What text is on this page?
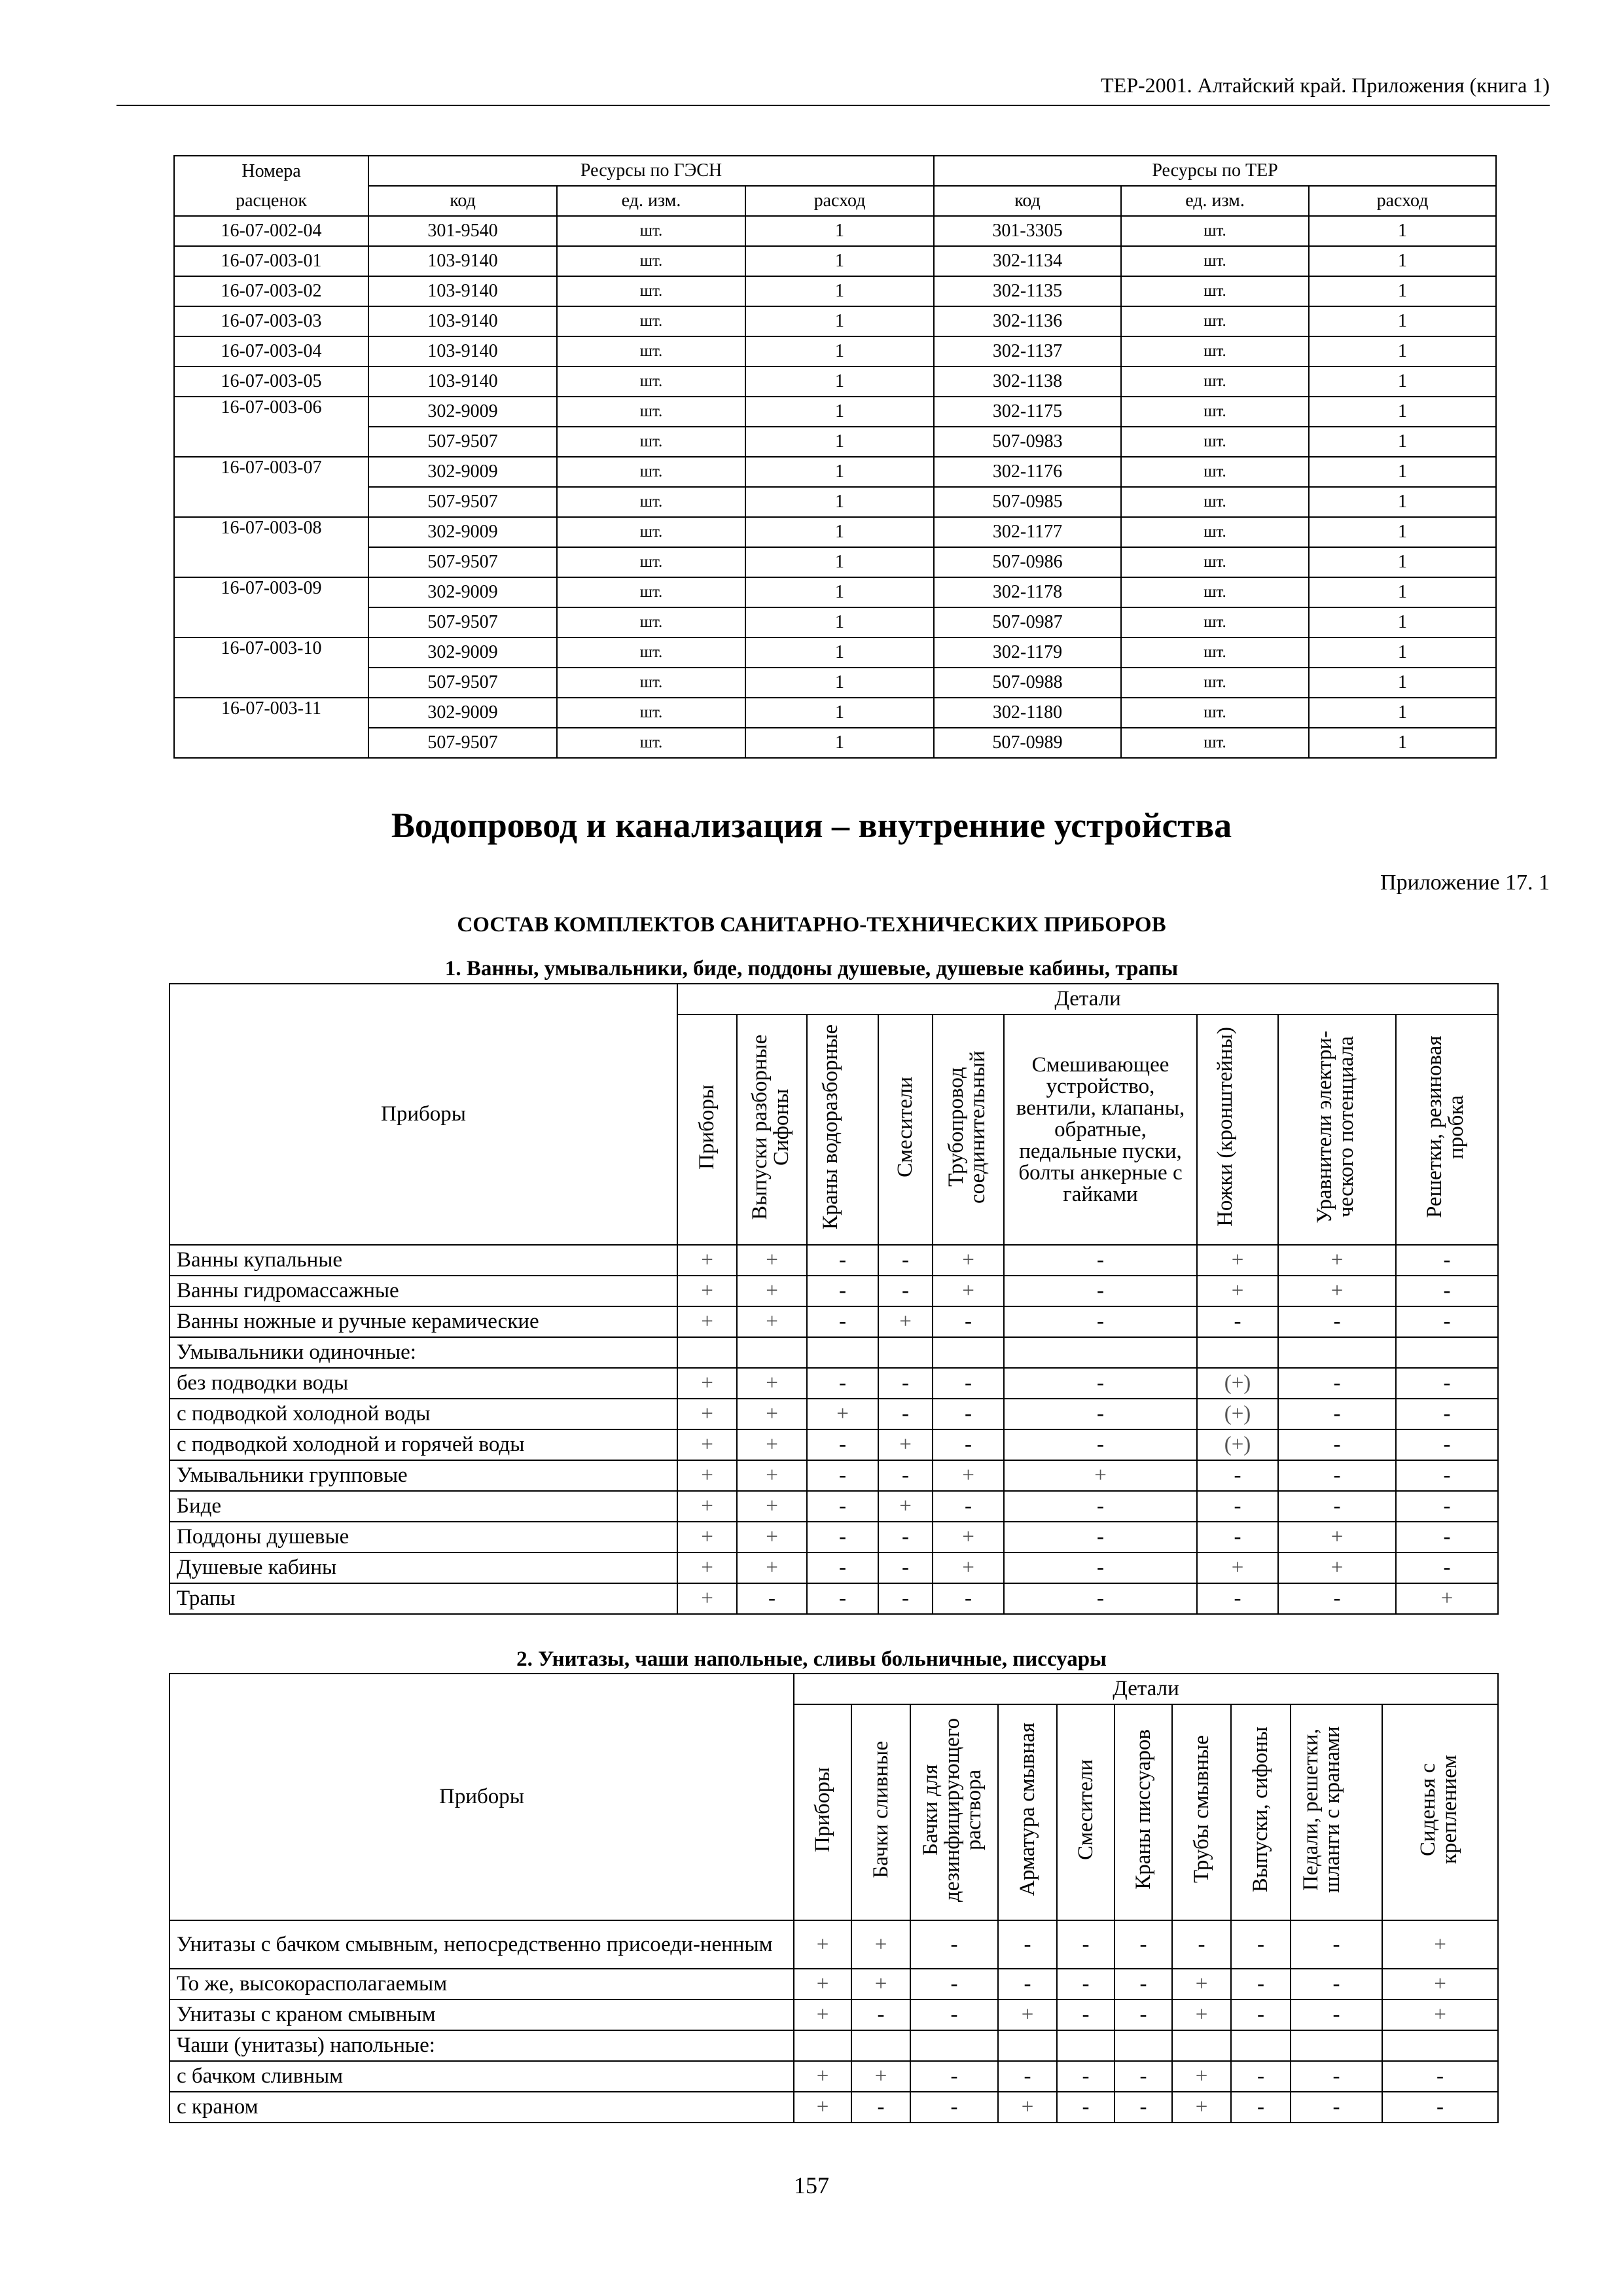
ТЕР-2001. Алтайский край. Приложения (книга 1)
Номера	Ресурсы по ГЭСН			Ресурсы по ТЕР		
расценок	код	ед. изм.	расход	код	ед. изм.	расход
16-07-002-04	301-9540	шт.	1	301-3305	шт.	1
16-07-003-01	103-9140	шт.	1	302-1134	шт.	1
16-07-003-02	103-9140	шт.	1	302-1135	шт.	1
16-07-003-03	103-9140	шт.	1	302-1136	шт.	1
16-07-003-04	103-9140	шт.	1	302-1137	шт.	1
16-07-003-05	103-9140	шт.	1	302-1138	шт.	1
16-07-003-06	302-9009	шт.	1	302-1175	шт.	1
	507-9507	шт.	1	507-0983	шт.	1
16-07-003-07	302-9009	шт.	1	302-1176	шт.	1
	507-9507	шт.	1	507-0985	шт.	1
16-07-003-08	302-9009	шт.	1	302-1177	шт.	1
	507-9507	шт.	1	507-0986	шт.	1
16-07-003-09	302-9009	шт.	1	302-1178	шт.	1
	507-9507	шт.	1	507-0987	шт.	1
16-07-003-10	302-9009	шт.	1	302-1179	шт.	1
	507-9507	шт.	1	507-0988	шт.	1
16-07-003-11	302-9009	шт.	1	302-1180	шт.	1
	507-9507	шт.	1	507-0989	шт.	1
Водопровод и канализация – внутренние устройства
Приложение 17. 1
СОСТАВ КОМПЛЕКТОВ САНИТАРНО-ТЕХНИЧЕСКИХ ПРИБОРОВ
1. Ванны, умывальники, биде, поддоны душевые, душевые кабины, трапы
Приборы	Детали								
	Приборы	Выпуски разборные Сифоны	Краны водоразборные	Смесители	Трубопровод соединительный	Смешивающее устройство, вентили, клапаны, обратные, педальные пуски, болты анкерные с гайками	Ножки (кронштейны)	Уравнители электри-ческого потенциала	Решетки, резиновая пробка
Ванны купальные	+	+	-	-	+	-	+	+	-
Ванны гидромассажные	+	+	-	-	+	-	+	+	-
Ванны ножные и ручные керамические	+	+	-	+	-	-	-	-	-
Умывальники одиночные:									
без подводки воды	+	+	-	-	-	-	(+)	-	-
с подводкой холодной воды	+	+	+	-	-	-	(+)	-	-
с подводкой холодной и горячей воды	+	+	-	+	-	-	(+)	-	-
Умывальники групповые	+	+	-	-	+	+	-	-	-
Биде	+	+	-	+	-	-	-	-	-
Поддоны душевые	+	+	-	-	+	-	-	+	-
Душевые кабины	+	+	-	-	+	-	+	+	-
Трапы	+	-	-	-	-	-	-	-	+
2. Унитазы, чаши напольные, сливы больничные, писсуары
Приборы	Детали									
	Приборы	Бачки сливные	Бачки для дезинфицирующего раствора	Арматура смывная	Смесители	Краны писсуаров	Трубы смывные	Выпуски, сифоны	Педали, решетки, шланги с кранами	Сиденья с креплением
Унитазы с бачком смывным, непосредственно присоеди-ненным	+	+	-	-	-	-	-	-	-	+
То же, высокорасполагаемым	+	+	-	-	-	-	+	-	-	+
Унитазы с краном смывным	+	-	-	+	-	-	+	-	-	+
Чаши (унитазы) напольные:										
с бачком сливным	+	+	-	-	-	-	+	-	-	-
с краном	+	-	-	+	-	-	+	-	-	-
157
